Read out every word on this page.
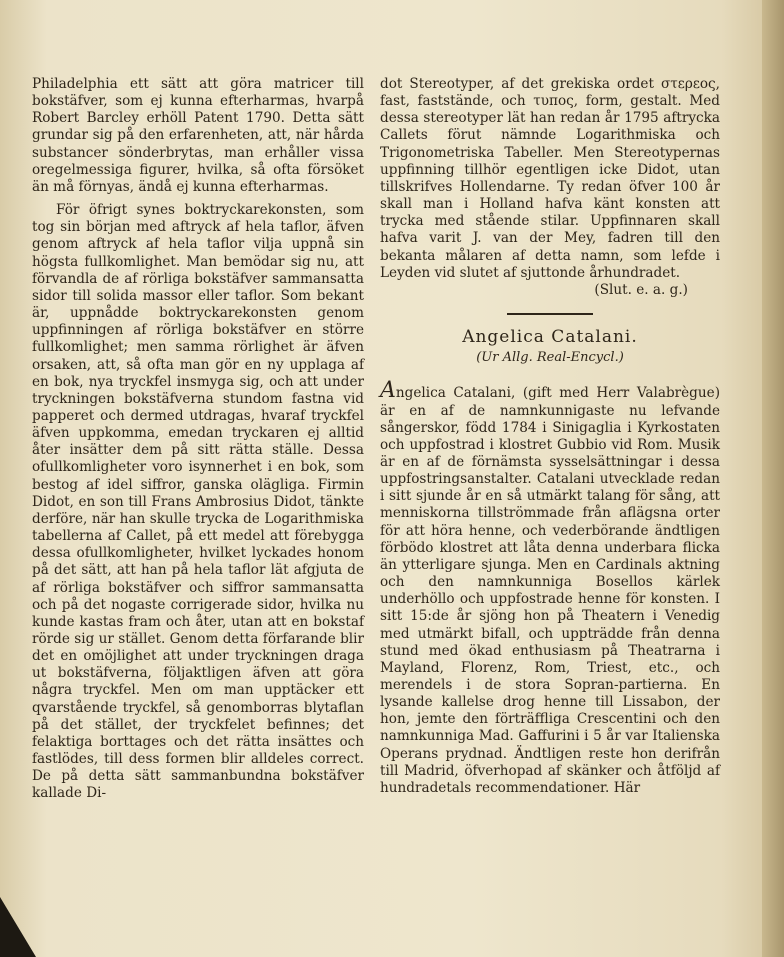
Philadelphia ett sätt att göra matricer till bokstäfver, som ej kunna efterharmas, hvarpå Robert Barcley erhöll Patent 1790. Detta sätt grundar sig på den erfarenheten, att, när hårda substancer sönderbrytas, man erhåller vissa oregelmessiga figurer, hvilka, så ofta försöket än må förnyas, ändå ej kunna efterharmas.

För öfrigt synes boktryckarekonsten, som tog sin början med aftryck af hela taflor, äfven genom aftryck af hela taflor vilja uppnå sin högsta fullkomlighet. Man bemödar sig nu, att förvandla de af rörliga bokstäfver sammansatta sidor till solida massor eller taflor. Som bekant är, uppnådde boktryckarekonsten genom uppfinningen af rörliga bokstäfver en större fullkomlighet; men samma rörlighet är äfven orsaken, att, så ofta man gör en ny upplaga af en bok, nya tryckfel insmyga sig, och att under tryckningen bokstäfverna stundom fastna vid papperet och dermed utdragas, hvaraf tryckfel äfven uppkomma, emedan tryckaren ej alltid åter insätter dem på sitt rätta ställe. Dessa ofullkomligheter voro isynnerhet i en bok, som bestog af idel siffror, ganska olägliga. Firmin Didot, en son till Frans Ambrosius Didot, tänkte derföre, när han skulle trycka de Logarithmiska tabellerna af Callet, på ett medel att förebygga dessa ofullkomligheter, hvilket lyckades honom på det sätt, att han på hela taflor lät afgjuta de af rörliga bokstäfver och siffror sammansatta och på det nogaste corrigerade sidor, hvilka nu kunde kastas fram och åter, utan att en bokstaf rörde sig ur stället. Genom detta förfarande blir det en omöjlighet att under tryckningen draga ut bokstäfverna, följaktligen äfven att göra några tryckfel. Men om man upptäcker ett qvarstående tryckfel, så genomborras blytaflan på det stället, der tryckfelet befinnes; det felaktiga borttages och det rätta insättes och fastlödes, till dess formen blir alldeles correct. De på detta sätt sammanbundna bokstäfver kallade Di-

dot Stereotyper, af det grekiska ordet στερεος, fast, fastständе, och τυπος, form, gestalt. Med dessa stereotyper lät han redan år 1795 aftrycka Callets förut nämnde Logarithmiska och Trigonometriska Tabeller. Men Stereotypernas uppfinning tillhör egentligen icke Didot, utan tillskrifves Hollendarne. Ty redan öfver 100 år skall man i Holland hafva känt konsten att trycka med stående stilar. Uppfinnaren skall hafva varit J. van der Mey, fadren till den bekanta målaren af detta namn, som lefde i Leyden vid slutet af sjuttonde århundradet.

(Slut. e. a. g.)

Angelica Catalani.
(Ur Allg. Real-Encycl.)

Angelica Catalani, (gift med Herr Valabrègue) är en af de namnkunnigaste nu lefvande sångerskor, född 1784 i Sinigaglia i Kyrkostaten och uppfostrad i klostret Gubbio vid Rom. Musik är en af de förnämsta sysselsättningar i dessa uppfostringsanstalter. Catalani utvecklade redan i sitt sjunde år en så utmärkt talang för sång, att menniskorna tillströmmade från aflägsna orter för att höra henne, och vederbörande ändtligen förbödo klostret att låta denna underbara flicka än ytterligare sjunga. Men en Cardinals aktning och den namnkunniga Bosellos kärlek underhöllo och uppfostrade henne för konsten. I sitt 15:de år sjöng hon på Theatern i Venedig med utmärkt bifall, och uppträdde från denna stund med ökad enthusiasm på Theatrarna i Mayland, Florenz, Rom, Triest, etc., och merendels i de stora Sopran-partierna. En lysande kallelse drog henne till Lissabon, der hon, jemte den förträffliga Crescentini och den namnkunniga Mad. Gaffurini i 5 år var Italienska Operans prydnad. Ändtligen reste hon derifrån till Madrid, öfverhopad af skänker och åtföljd af hundradetals recommendationer. Här
